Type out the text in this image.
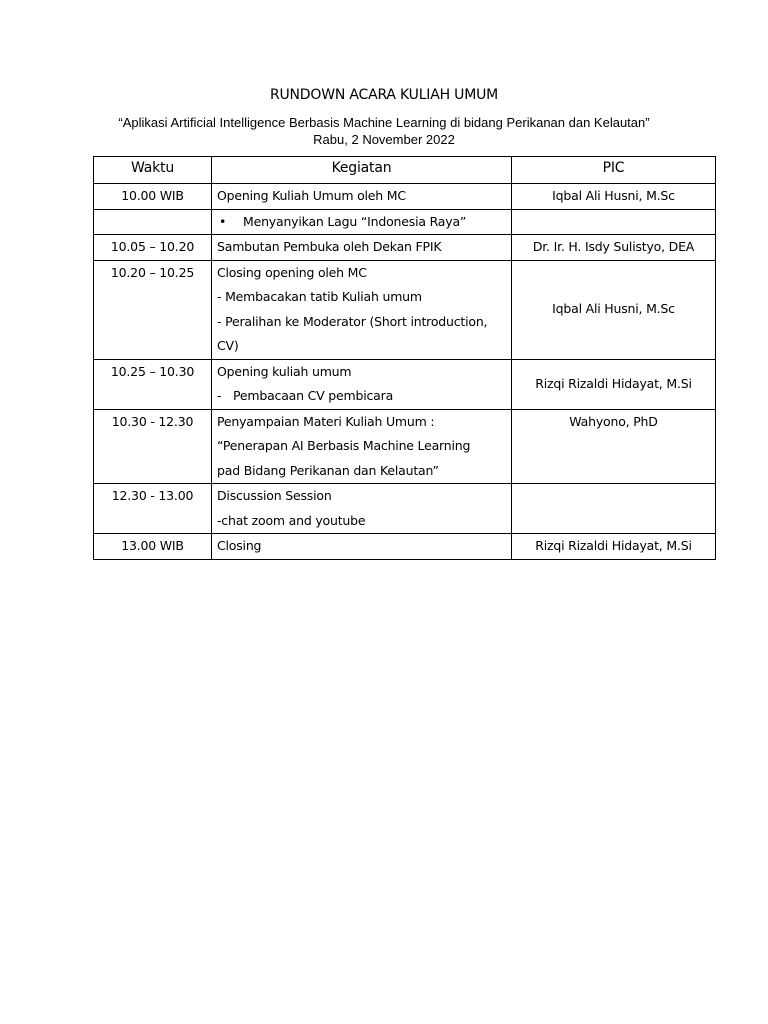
RUNDOWN ACARA KULIAH UMUM
“Aplikasi Artificial Intelligence Berbasis Machine Learning di bidang Perikanan dan Kelautan”
Rabu, 2 November 2022
Waktu	Kegiatan	PIC
10.00 WIB	Opening Kuliah Umum oleh MC	Iqbal Ali Husni, M.Sc

	• Menyanyikan Lagu “Indonesia Raya”	

10.05 – 10.20	Sambutan Pembuka oleh Dekan FPIK	Dr. Ir. H. Isdy Sulistyo, DEA
10.20 – 10.25	Closing opening oleh MC
- Membacakan tatib Kuliah umum
- Peralihan ke Moderator (Short introduction,
CV)	Iqbal Ali Husni, M.Sc
10.25 – 10.30	Opening kuliah umum
- Pembacaan CV pembicara	Rizqi Rizaldi Hidayat, M.Si
10.30 - 12.30	Penyampaian Materi Kuliah Umum :
“Penerapan AI Berbasis Machine Learning
pad Bidang Perikanan dan Kelautan”	Wahyono, PhD
12.30 - 13.00	Discussion Session
-chat zoom and youtube	

13.00 WIB	Closing	Rizqi Rizaldi Hidayat, M.Si
